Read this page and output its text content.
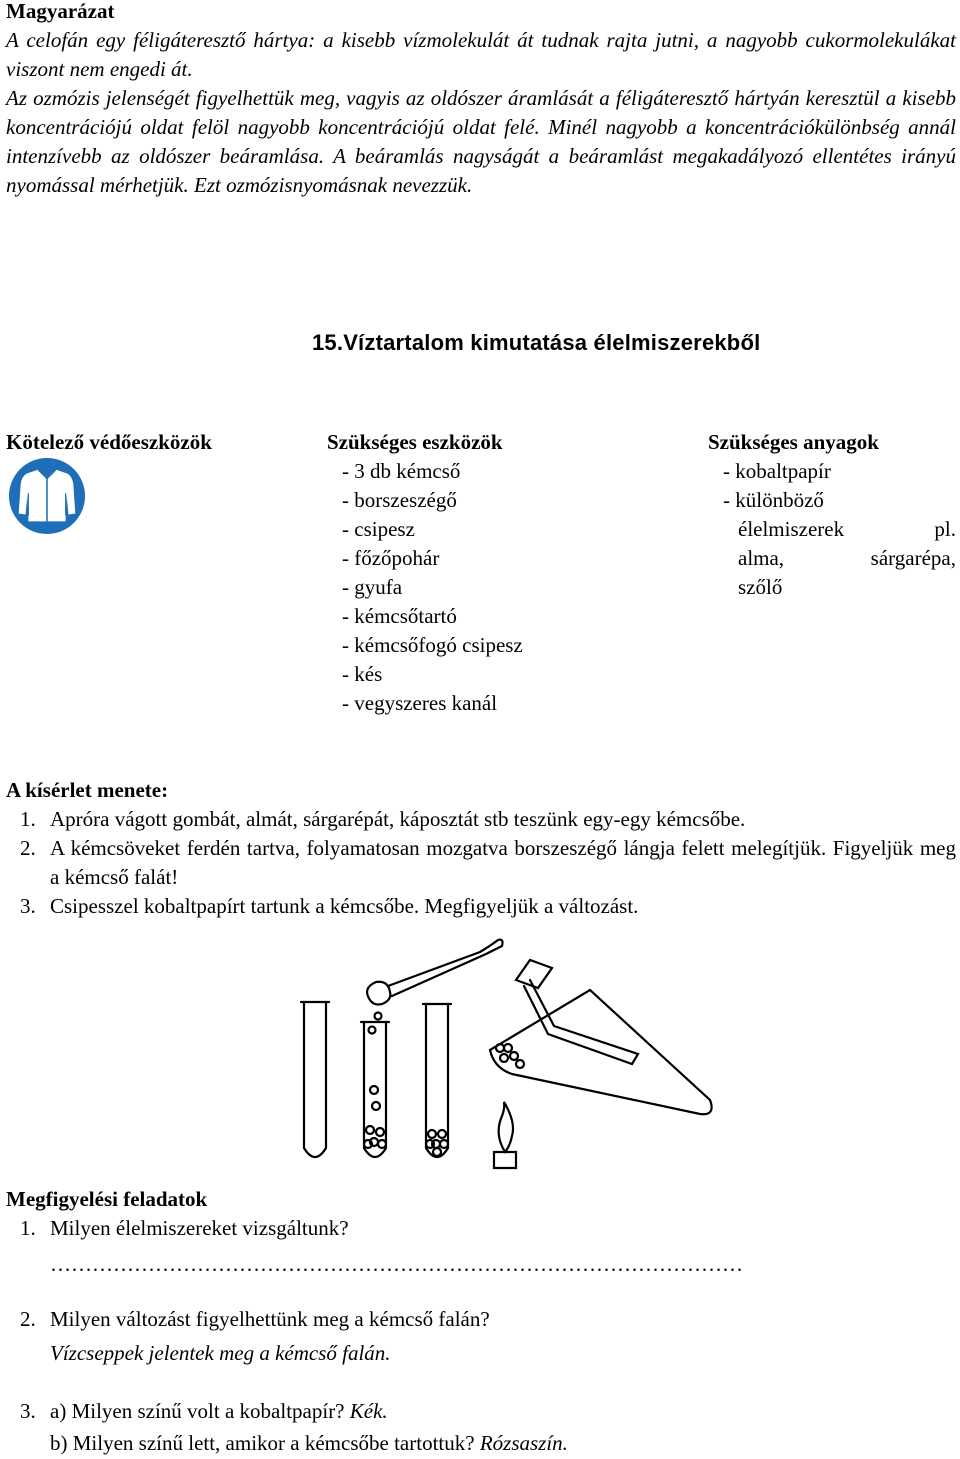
Magyarázat

A celofán egy féligáteresztő hártya: a kisebb vízmolekulát át tudnak rajta jutni, a nagyobb cukormolekulákat viszont nem engedi át.

Az ozmózis jelenségét figyelhettük meg, vagyis az oldószer áramlását a féligáteresztő hártyán keresztül a kisebb koncentrációjú oldat felöl nagyobb koncentrációjú oldat felé. Minél nagyobb a koncentrációkülönbség annál intenzívebb az oldószer beáramlása. A beáramlás nagyságát a beáramlást megakadályozó ellentétes irányú nyomással mérhetjük. Ezt ozmózisnyomásnak nevezzük.

15.Víztartalom kimutatása élelmiszerekből
Kötelező védőeszközök	Szükséges eszközök	Szükséges anyagok
- 3 db kémcső
- borszeszégő
- csipesz
- főzőpohár
- gyufa
- kémcsőtartó
- kémcsőfogó csipesz
- kés
- vegyszeres kanál
- kobaltpapír
- különböző
élelmiszerek pl.
alma, sárgarépa,
szőlő
A kísérlet menete:
1. Apróra vágott gombát, almát, sárgarépát, káposztát stb teszünk egy-egy kémcsőbe.
2. A kémcsöveket ferdén tartva, folyamatosan mozgatva borszeszégő lángja felett melegítjük. Figyeljük meg a kémcső falát!
3. Csipesszel kobaltpapírt tartunk a kémcsőbe. Megfigyeljük a változást.
Megfigyelési feladatok
1. Milyen élelmiszereket vizsgáltunk?
………………………………………………………………………………………
2. Milyen változást figyelhettünk meg a kémcső falán?
Vízcseppek jelentek meg a kémcső falán.
3. a) Milyen színű volt a kobaltpapír? Kék.
b) Milyen színű lett, amikor a kémcsőbe tartottuk? Rózsaszín.
